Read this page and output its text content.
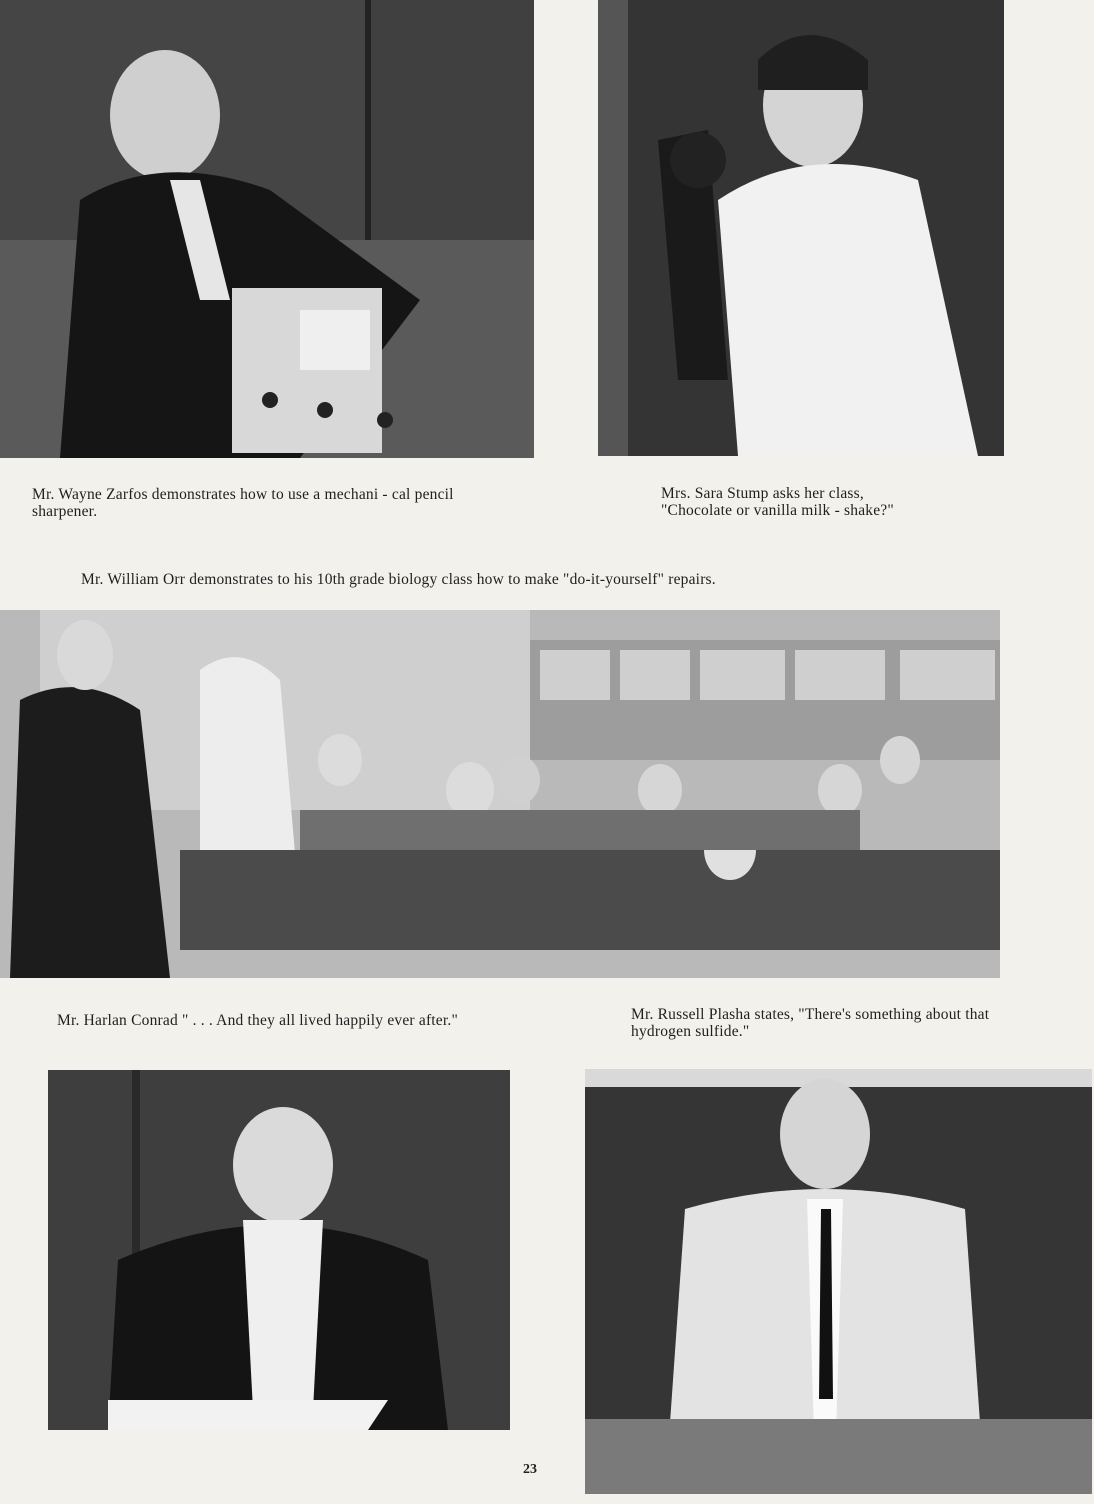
Mr. Wayne Zarfos demonstrates how to use a mechani - cal pencil sharpener.
Mrs. Sara Stump asks her class, "Chocolate or vanilla milk - shake?"
Mr. William Orr demonstrates to his 10th grade biology class how to make "do-it-yourself" repairs.
Mr. Harlan Conrad " . . . And they all lived happily ever after."	Mr. Russell Plasha states, "There's something about that hydrogen sulfide."
23
